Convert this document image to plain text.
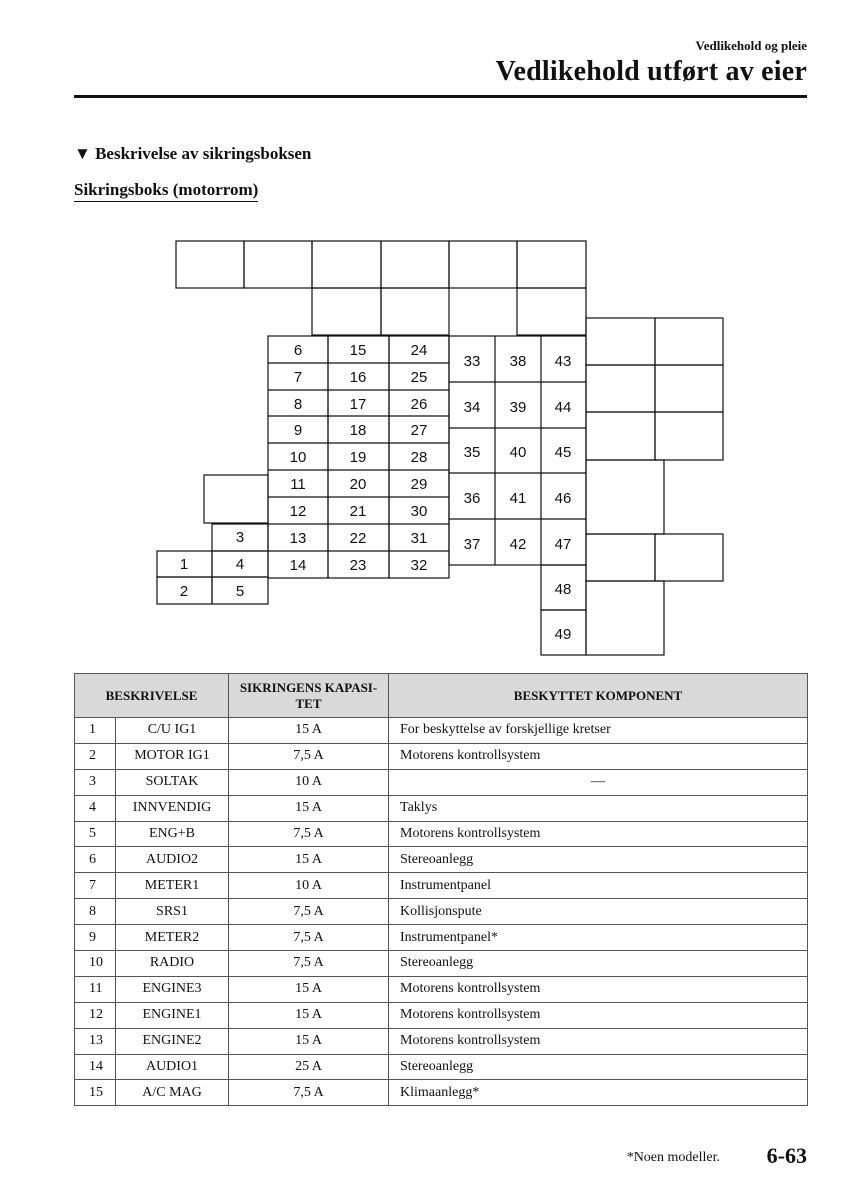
Vedlikehold og pleie
Vedlikehold utført av eier
▼ Beskrivelse av sikringsboksen
Sikringsboks (motorrom)
1
2
3
4
5
6
7
8
9
10
11
12
13
14
15
16
17
18
19
20
21
22
23
24
25
26
27
28
29
30
31
32
33
34
35
36
37
38
39
40
41
42
43
44
45
46
47
48
49
BESKRIVELSE		SIKRINGENS KAPASI-TET	BESKYTTET KOMPONENT
1	C/U IG1	15 A	For beskyttelse av forskjellige kretser
2	MOTOR IG1	7,5 A	Motorens kontrollsystem
3	SOLTAK	10 A	—
4	INNVENDIG	15 A	Taklys
5	ENG+B	7,5 A	Motorens kontrollsystem
6	AUDIO2	15 A	Stereoanlegg
7	METER1	10 A	Instrumentpanel
8	SRS1	7,5 A	Kollisjonspute
9	METER2	7,5 A	Instrumentpanel*
10	RADIO	7,5 A	Stereoanlegg
11	ENGINE3	15 A	Motorens kontrollsystem
12	ENGINE1	15 A	Motorens kontrollsystem
13	ENGINE2	15 A	Motorens kontrollsystem
14	AUDIO1	25 A	Stereoanlegg
15	A/C MAG	7,5 A	Klimaanlegg*
*Noen modeller. 6-63
